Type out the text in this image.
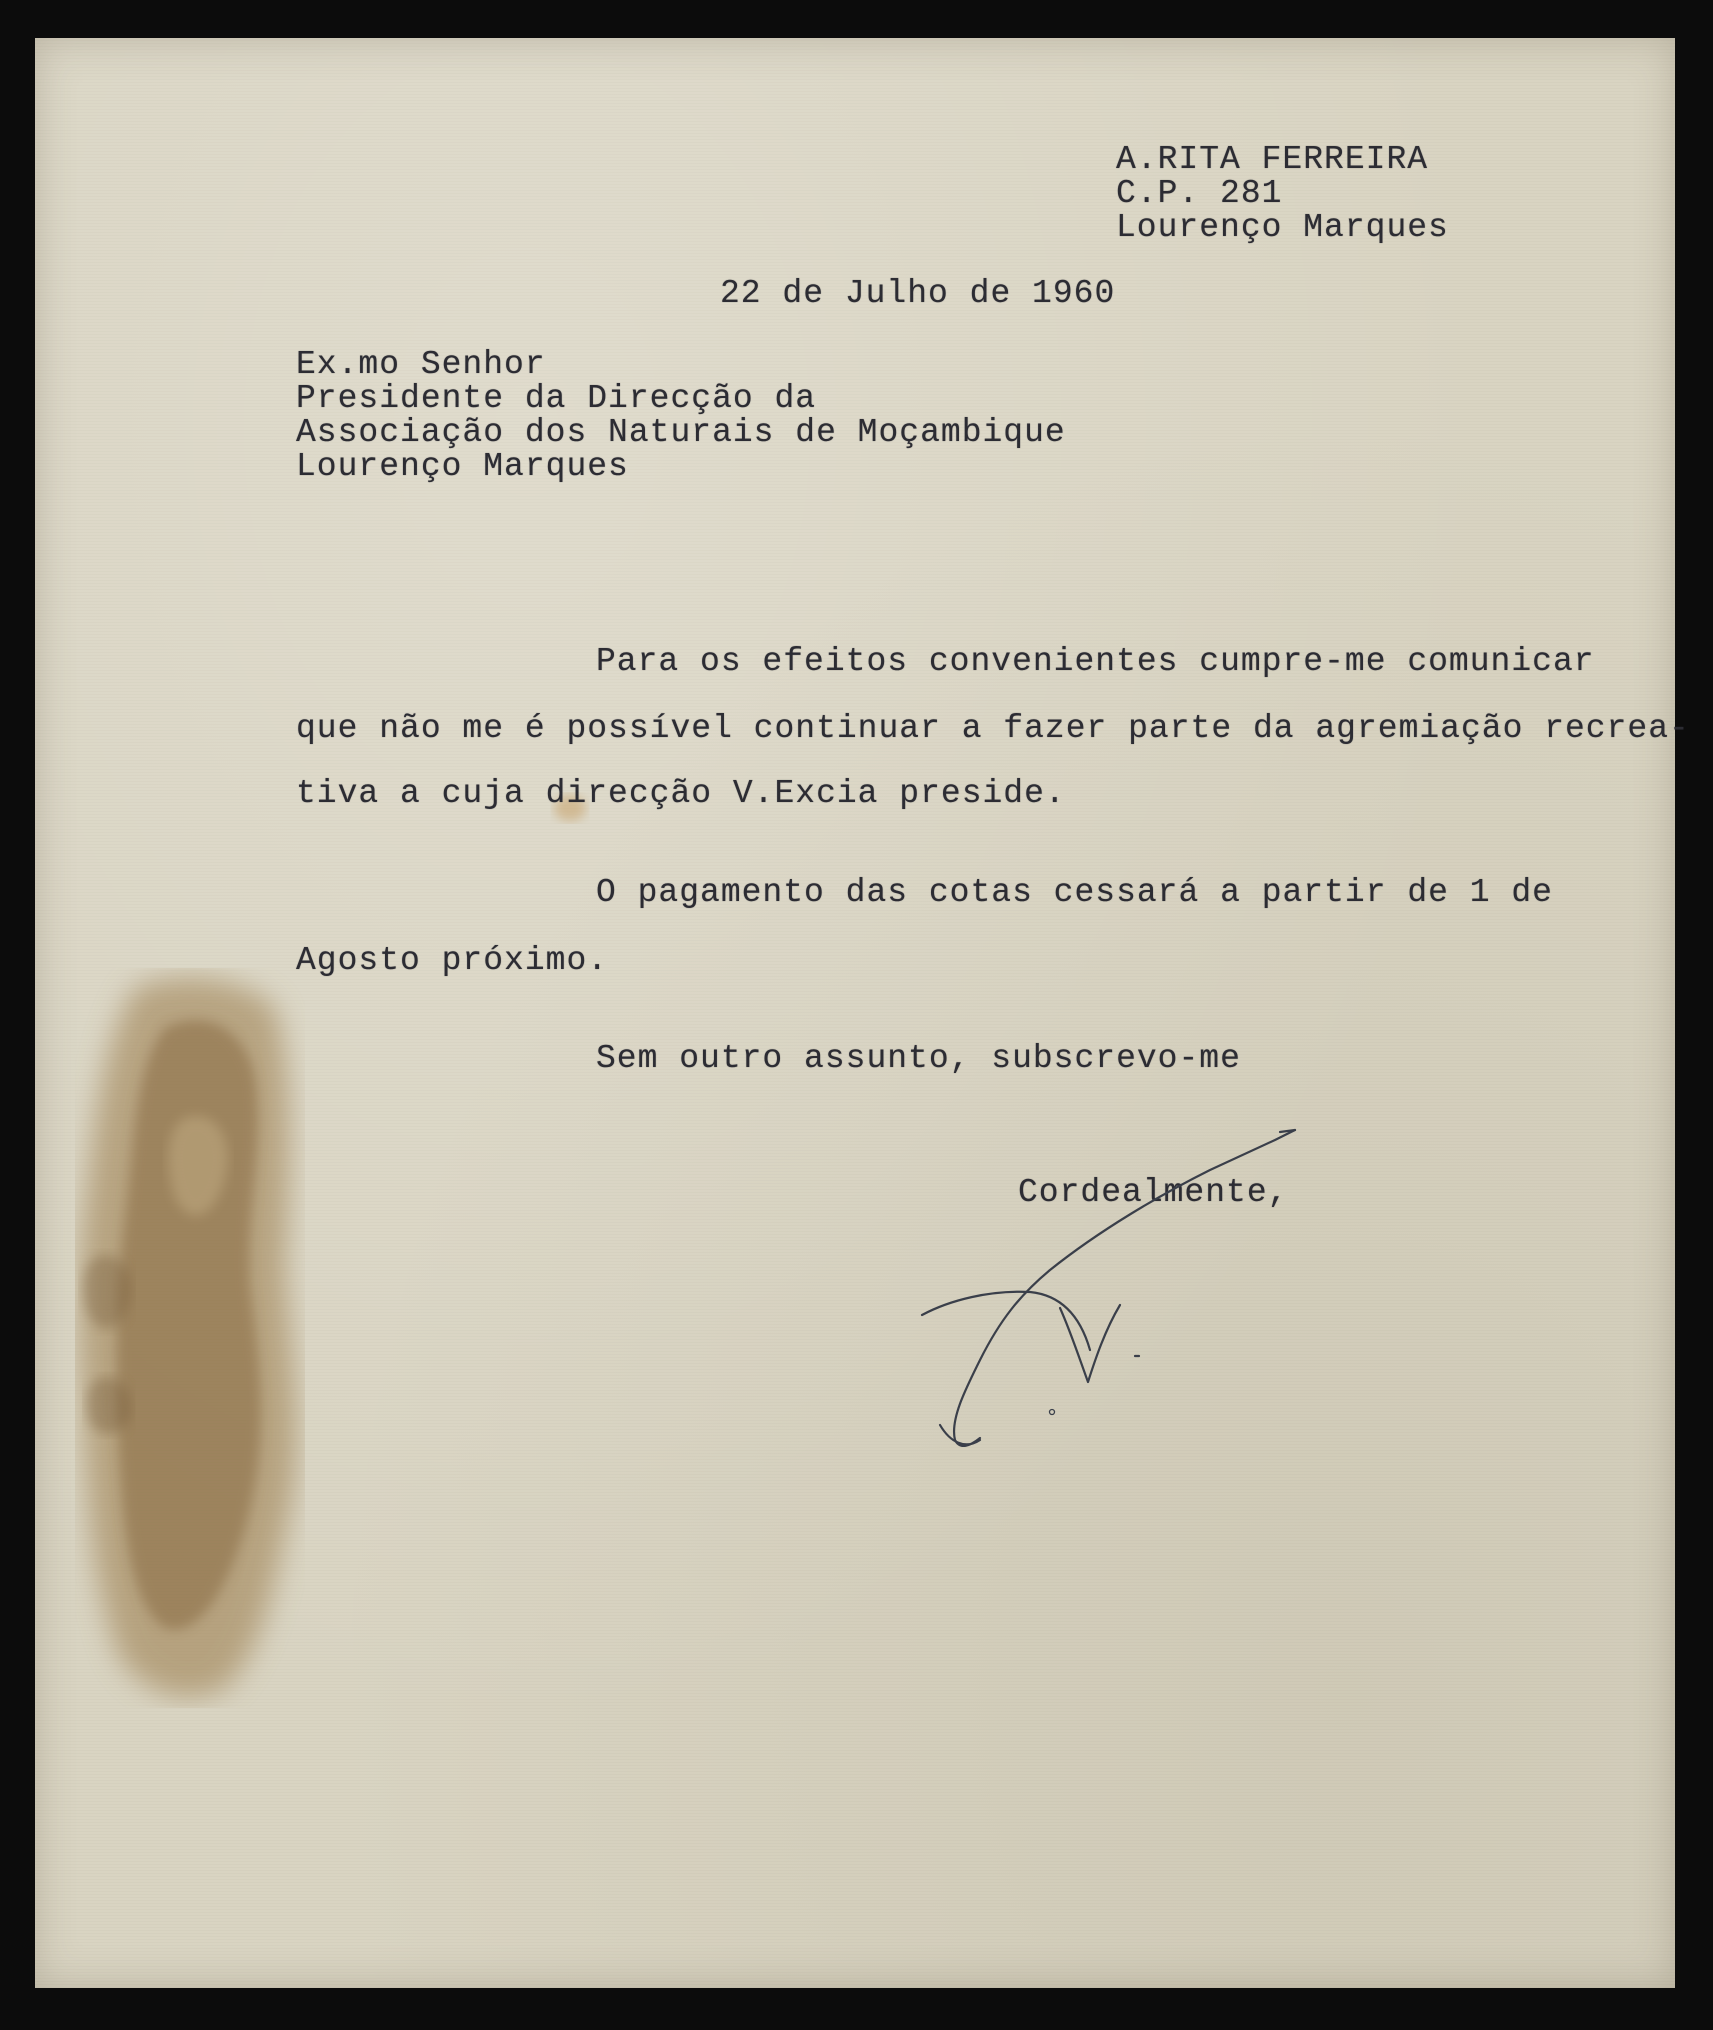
A.RITA FERREIRA
C.P. 281
Lourenço Marques
22 de Julho de 1960
Ex.mo Senhor
Presidente da Direcção da
Associação dos Naturais de Moçambique
Lourenço Marques
Para os efeitos convenientes cumpre-me comunicar
que não me é possível continuar a fazer parte da agremiação recrea-
tiva a cuja direcção V.Excia preside.
O pagamento das cotas cessará a partir de 1 de
Agosto próximo.
Sem outro assunto, subscrevo-me
Cordealmente,
